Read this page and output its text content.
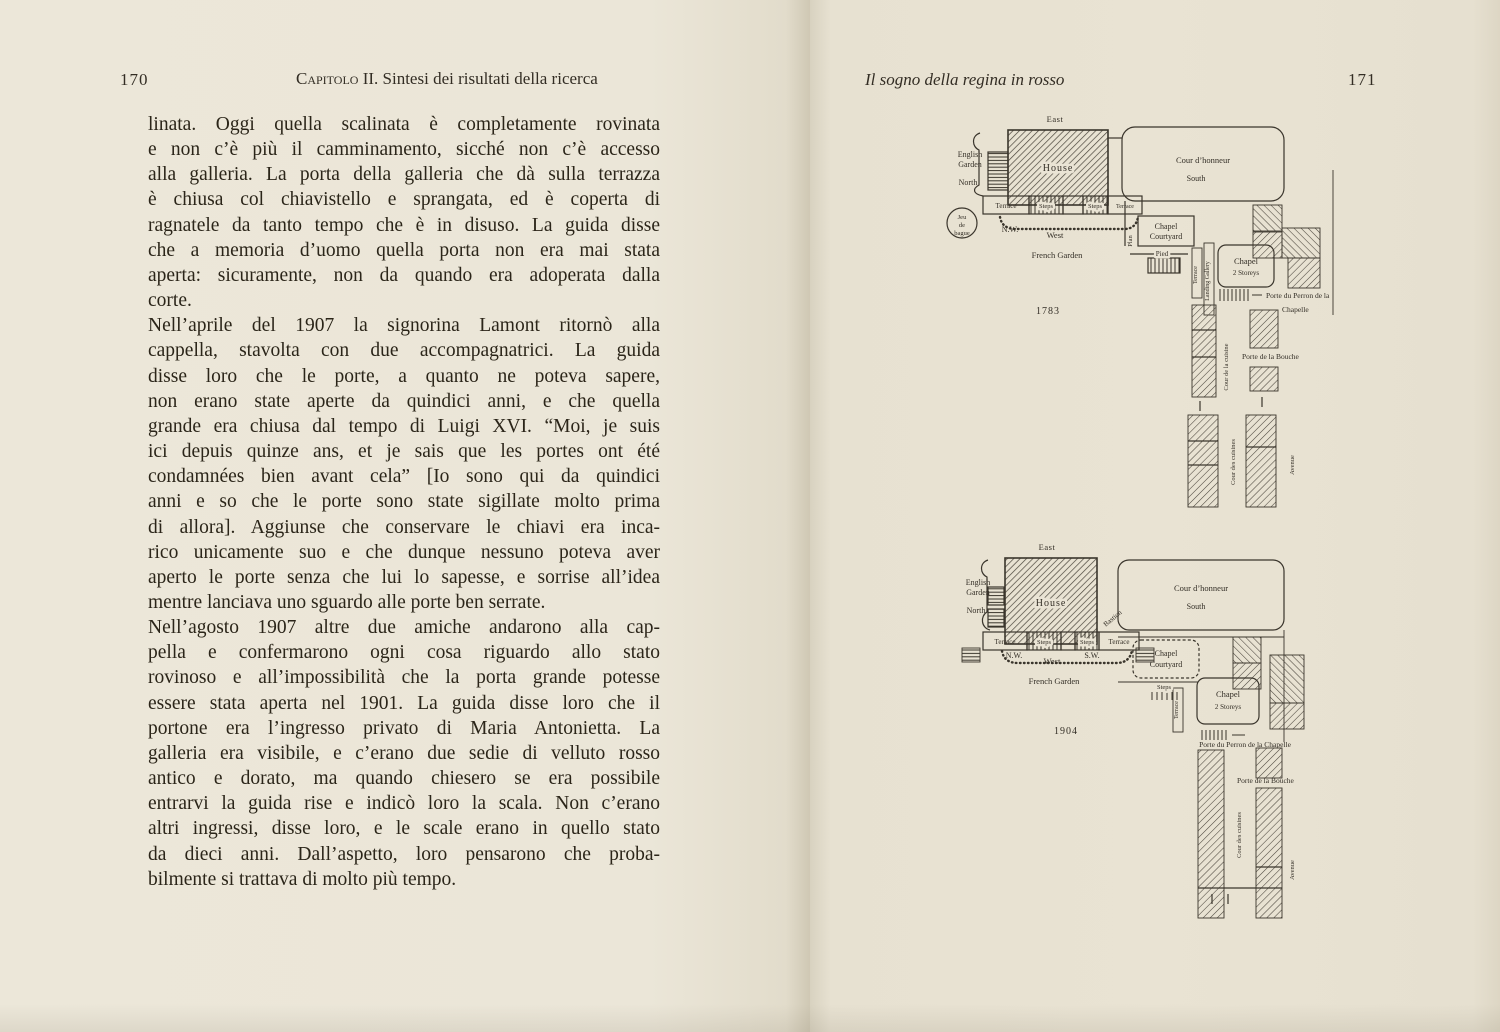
170	Capitolo II. Sintesi dei risultati della ricerca
linata. Oggi quella scalinata è completamente rovinata
e non c’è più il camminamento, sicché non c’è accesso
alla galleria. La porta della galleria che dà sulla terrazza
è chiusa col chiavistello e sprangata, ed è coperta di
ragnatele da tanto tempo che è in disuso. La guida disse
che a memoria d’uomo quella porta non era mai stata
aperta: sicuramente, non da quando era adoperata dalla
corte.
Nell’aprile del 1907 la signorina Lamont ritornò alla
cappella, stavolta con due accompagnatrici. La guida
disse loro che le porte, a quanto ne poteva sapere,
non erano state aperte da quindici anni, e che quella
grande era chiusa dal tempo di Luigi XVI. “Moi, je suis
ici depuis quinze ans, et je sais que les portes ont été
condamnées bien avant cela” [Io sono qui da quindici
anni e so che le porte sono state sigillate molto prima
di allora]. Aggiunse che conservare le chiavi era inca-
rico unicamente suo e che dunque nessuno poteva aver
aperto le porte senza che lui lo sapesse, e sorrise all’idea
mentre lanciava uno sguardo alle porte ben serrate.
Nell’agosto 1907 altre due amiche andarono alla cap-
pella e confermarono ogni cosa riguardo allo stato
rovinoso e all’impossibilità che la porta grande potesse
essere stata aperta nel 1901. La guida disse loro che il
portone era l’ingresso privato di Maria Antonietta. La
galleria era visibile, e c’erano due sedie di velluto rosso
antico e dorato, ma quando chiesero se era possibile
entrarvi la guida rise e indicò loro la scala. Non c’erano
altri ingressi, disse loro, e le scale erano in quello stato
da dieci anni. Dall’aspetto, loro pensarono che proba-
bilmente si trattava di molto più tempo.
Il sogno della regina in rosso	171
East
English
Garden
North
House
Cour d’honneur
South
Terrace	Steps	Steps Terrace
Jeu
de
bague	N.W.
West
French Garden
1783
Plan
Chapel
Courtyard
Pied
Terrace Landing Gallery
Chapel
2 Storeys
Porte du Perron de la
Chapelle
Cour de la cuisine Porte de la Bouche
Cour des cuisines	Avenue
East
English
Garden
North
House
Bastion
Cour d’honneur
South
Terrace	Steps	Steps Terrace
N.W.	S.W.
West
French Garden
Chapel
Courtyard
Steps
Terrace
Chapel
2 Storeys
Porte du Perron de la Chapelle
1904
Porte de la Bouche
Cour des cuisines
Avenue
